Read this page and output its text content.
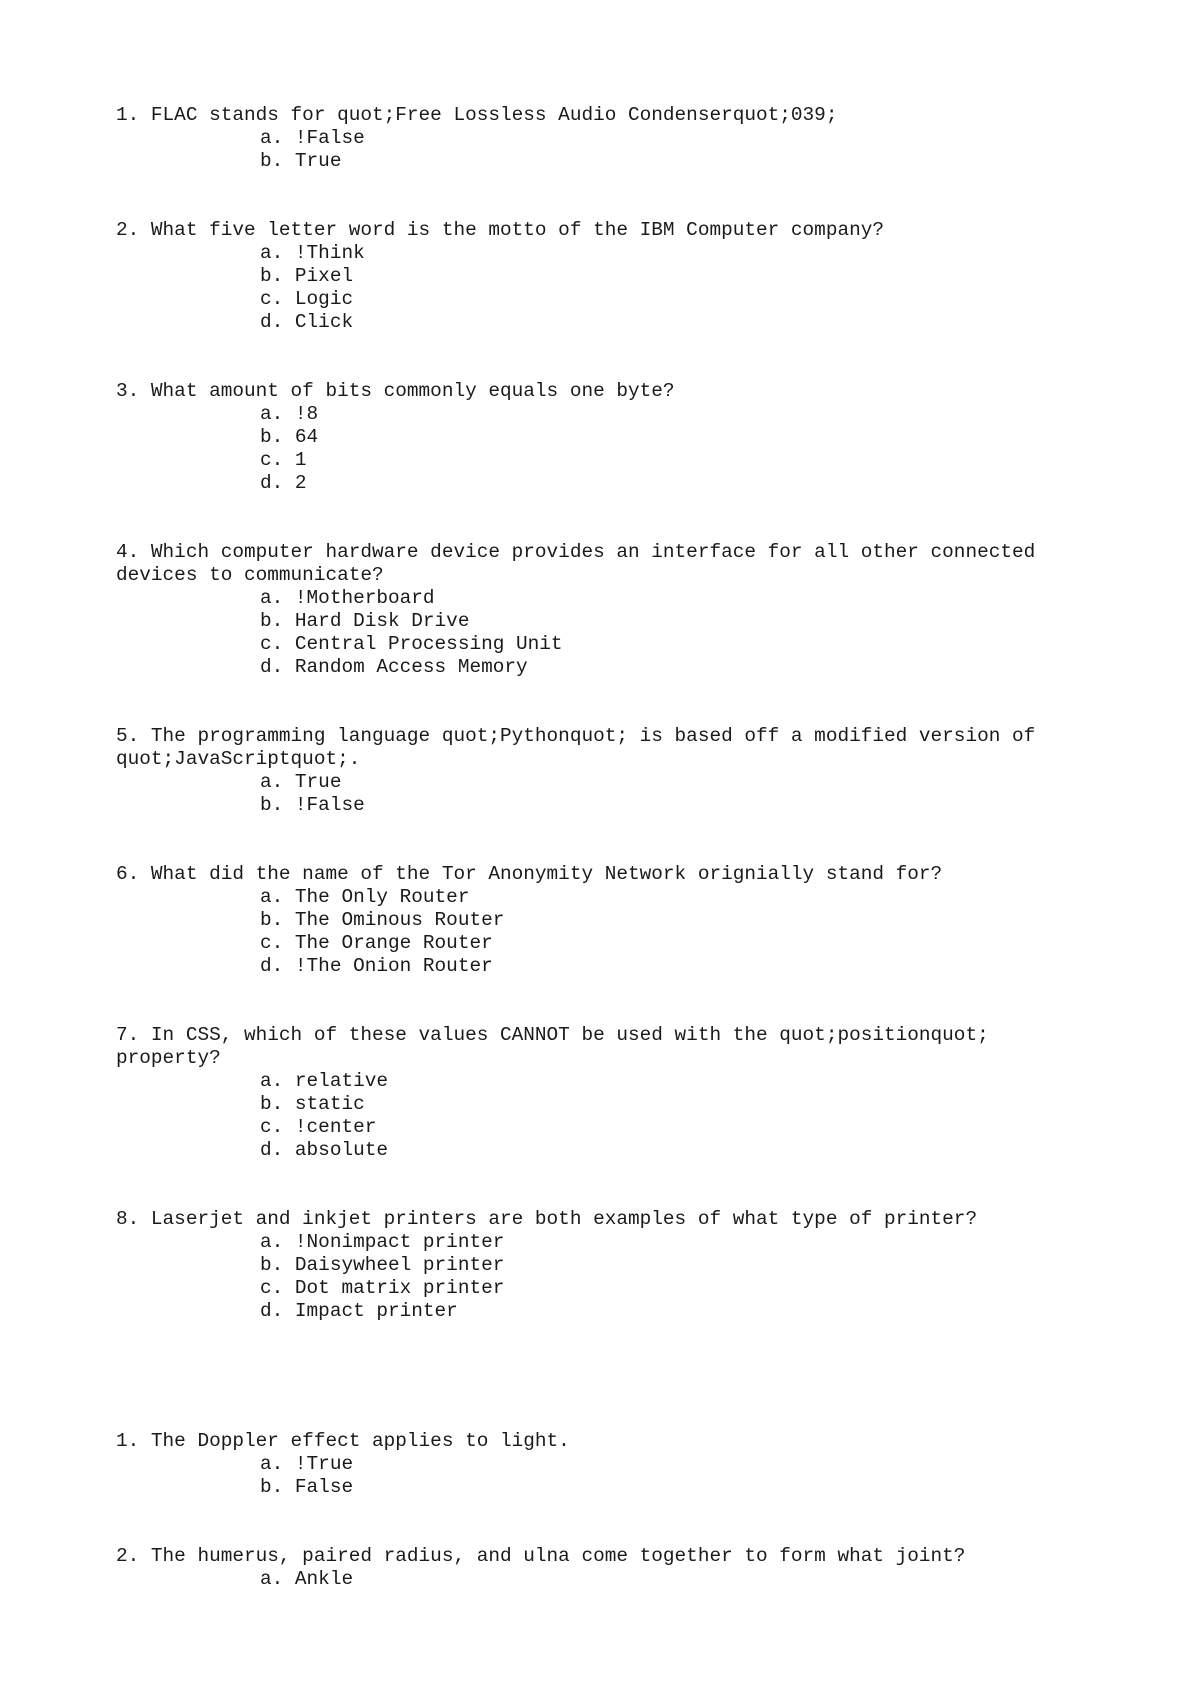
1. FLAC stands for quot;Free Lossless Audio Condenserquot;039;

a. !False
b. True

2. What five letter word is the motto of the IBM Computer company?

a. !Think
b. Pixel
c. Logic
d. Click

3. What amount of bits commonly equals one byte?

a. !8
b. 64
c. 1
d. 2

4. Which computer hardware device provides an interface for all other connected devices to communicate?

a. !Motherboard
b. Hard Disk Drive
c. Central Processing Unit
d. Random Access Memory

5. The programming language quot;Pythonquot; is based off a modified version of quot;JavaScriptquot;.

a. True
b. !False

6. What did the name of the Tor Anonymity Network orignially stand for?

a. The Only Router
b. The Ominous Router
c. The Orange Router
d. !The Onion Router

7. In CSS, which of these values CANNOT be used with the quot;positionquot; property?

a. relative
b. static
c. !center
d. absolute

8. Laserjet and inkjet printers are both examples of what type of printer?

a. !Nonimpact printer
b. Daisywheel printer
c. Dot matrix printer
d. Impact printer

1. The Doppler effect applies to light.

a. !True
b. False

2. The humerus, paired radius, and ulna come together to form what joint?

a. Ankle
